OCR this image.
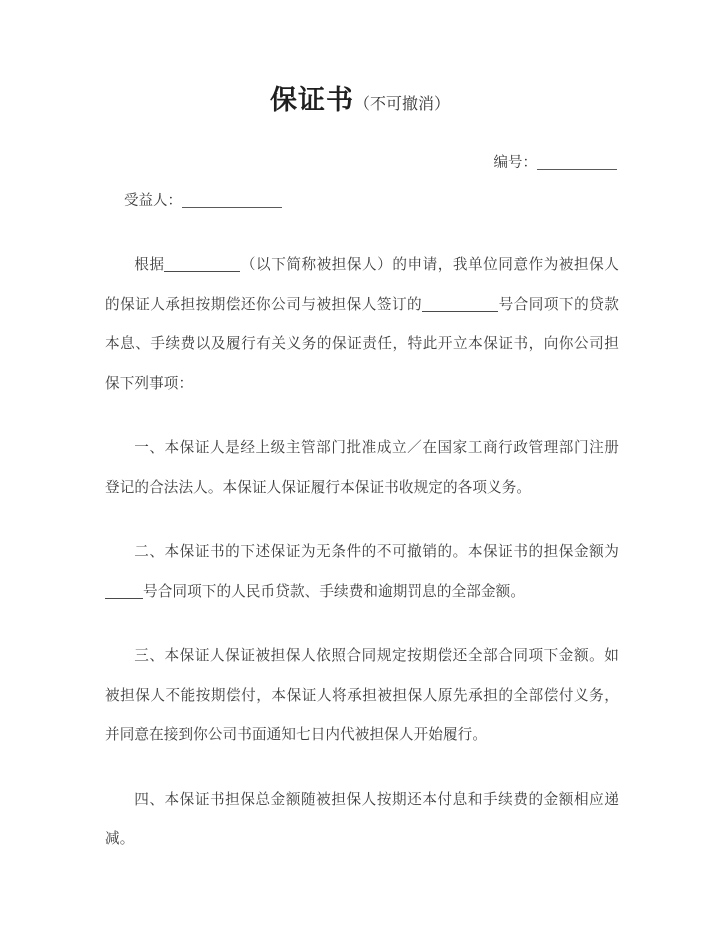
保证书（不可撤消）
编号：
受益人：

根据	（以下简称被担保人）的申请，我单位同意作为被担保人的保证人承担按期偿还你公司与被担保人签订的	号合同项下的贷款本息、手续费以及履行有关义务的保证责任，特此开立本保证书，向你公司担保下列事项：

一、本保证人是经上级主管部门批准成立／在国家工商行政管理部门注册登记的合法法人。本保证人保证履行本保证书收规定的各项义务。

二、本保证书的下述保证为无条件的不可撤销的。本保证书的担保金额为号合同项下的人民币贷款、手续费和逾期罚息的全部金额。

三、本保证人保证被担保人依照合同规定按期偿还全部合同项下金额。如被担保人不能按期偿付，本保证人将承担被担保人原先承担的全部偿付义务，并同意在接到你公司书面通知七日内代被担保人开始履行。

四、本保证书担保总金额随被担保人按期还本付息和手续费的金额相应递减。
